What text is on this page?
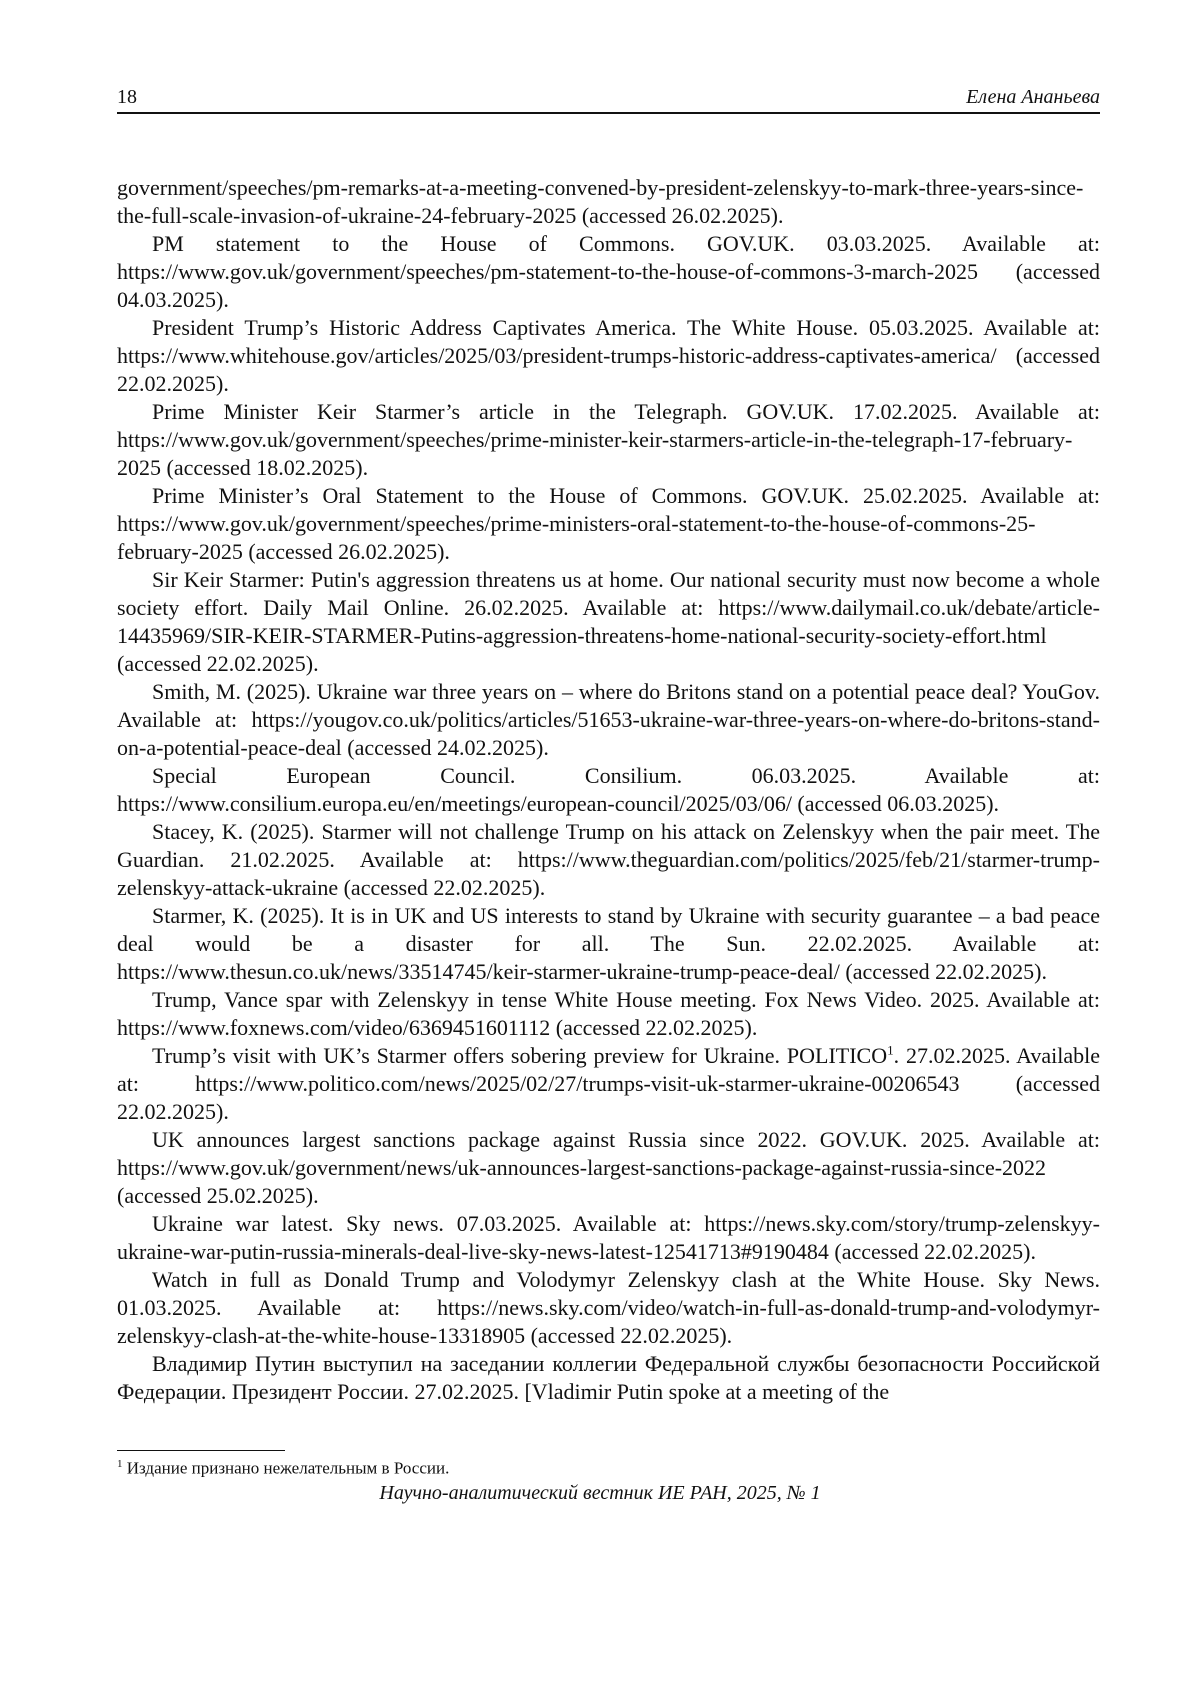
18	Елена Ананьева

government/speeches/pm-remarks-at-a-meeting-convened-by-president-zelenskyy-to-mark-three-years-since-the-full-scale-invasion-of-ukraine-24-february-2025 (accessed 26.02.2025).

PM statement to the House of Commons. GOV.UK. 03.03.2025. Available at: https://www.gov.uk/government/speeches/pm-statement-to-the-house-of-commons-3-march-2025 (accessed 04.03.2025).

President Trump’s Historic Address Captivates America. The White House. 05.03.2025. Available at: https://www.whitehouse.gov/articles/2025/03/president-trumps-historic-address-captivates-america/ (accessed 22.02.2025).

Prime Minister Keir Starmer’s article in the Telegraph. GOV.UK. 17.02.2025. Available at: https://www.gov.uk/government/speeches/prime-minister-keir-starmers-article-in-the-telegraph-17-february-2025 (accessed 18.02.2025).

Prime Minister’s Oral Statement to the House of Commons. GOV.UK. 25.02.2025. Available at: https://www.gov.uk/government/speeches/prime-ministers-oral-statement-to-the-house-of-commons-25-february-2025 (accessed 26.02.2025).

Sir Keir Starmer: Putin's aggression threatens us at home. Our national security must now become a whole society effort. Daily Mail Online. 26.02.2025. Available at: https://www.dailymail.co.uk/debate/article-14435969/SIR-KEIR-STARMER-Putins-aggression-threatens-home-national-security-society-effort.html (accessed 22.02.2025).

Smith, M. (2025). Ukraine war three years on – where do Britons stand on a potential peace deal? YouGov. Available at: https://yougov.co.uk/politics/articles/51653-ukraine-war-three-years-on-where-do-britons-stand-on-a-potential-peace-deal (accessed 24.02.2025).

Special European Council. Consilium. 06.03.2025. Available at: https://www.consilium.europa.eu/en/meetings/european-council/2025/03/06/ (accessed 06.03.2025).

Stacey, K. (2025). Starmer will not challenge Trump on his attack on Zelenskyy when the pair meet. The Guardian. 21.02.2025. Available at: https://www.theguardian.com/politics/2025/feb/21/starmer-trump-zelenskyy-attack-ukraine (accessed 22.02.2025).

Starmer, K. (2025). It is in UK and US interests to stand by Ukraine with security guarantee – a bad peace deal would be a disaster for all. The Sun. 22.02.2025. Available at: https://www.thesun.co.uk/news/33514745/keir-starmer-ukraine-trump-peace-deal/ (accessed 22.02.2025).

Trump, Vance spar with Zelenskyy in tense White House meeting. Fox News Video. 2025. Available at: https://www.foxnews.com/video/6369451601112 (accessed 22.02.2025).

Trump’s visit with UK’s Starmer offers sobering preview for Ukraine. POLITICO$^1$. 27.02.2025. Available at: https://www.politico.com/news/2025/02/27/trumps-visit-uk-starmer-ukraine-00206543 (accessed 22.02.2025).

UK announces largest sanctions package against Russia since 2022. GOV.UK. 2025. Available at: https://www.gov.uk/government/news/uk-announces-largest-sanctions-package-against-russia-since-2022 (accessed 25.02.2025).

Ukraine war latest. Sky news. 07.03.2025. Available at: https://news.sky.com/story/trump-zelenskyy-ukraine-war-putin-russia-minerals-deal-live-sky-news-latest-12541713#9190484 (accessed 22.02.2025).

Watch in full as Donald Trump and Volodymyr Zelenskyy clash at the White House. Sky News. 01.03.2025. Available at: https://news.sky.com/video/watch-in-full-as-donald-trump-and-volodymyr-zelenskyy-clash-at-the-white-house-13318905 (accessed 22.02.2025).

Владимир Путин выступил на заседании коллегии Федеральной службы безопасности Российской Федерации. Президент России. 27.02.2025. [Vladimir Putin spoke at a meeting of the

$^1$ Издание признано нежелательным в России.
Научно-аналитический вестник ИЕ РАН, 2025, № 1
